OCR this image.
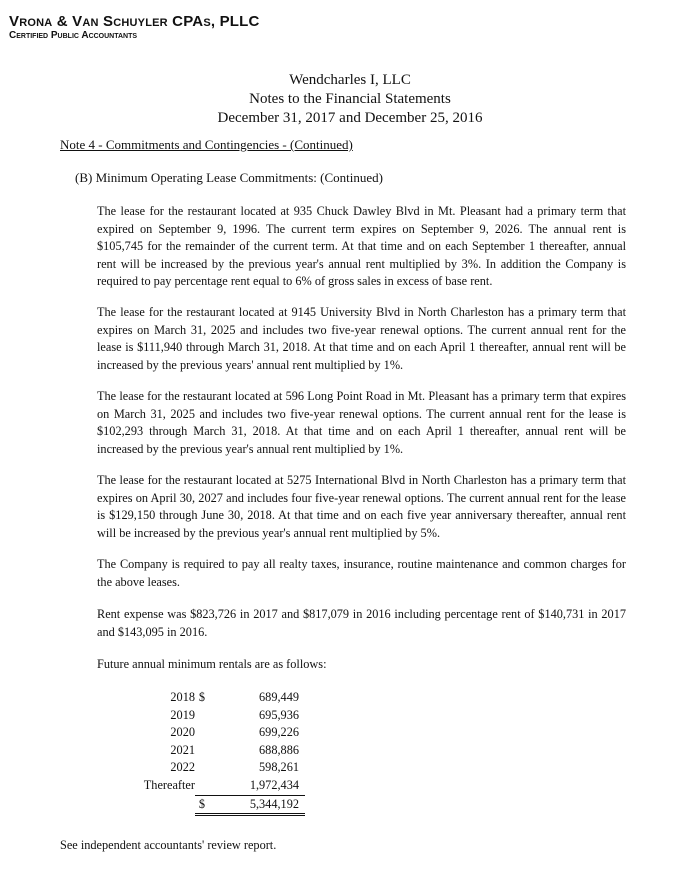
Vrona & Van Schuyler CPAs, PLLC
Certified Public Accountants
Wendcharles I, LLC
Notes to the Financial Statements
December 31, 2017 and December 25, 2016
Note 4 - Commitments and Contingencies - (Continued)
(B) Minimum Operating Lease Commitments: (Continued)

The lease for the restaurant located at 935 Chuck Dawley Blvd in Mt. Pleasant had a primary term that expired on September 9, 1996. The current term expires on September 9, 2026. The annual rent is $105,745 for the remainder of the current term. At that time and on each September 1 thereafter, annual rent will be increased by the previous year's annual rent multiplied by 3%. In addition the Company is required to pay percentage rent equal to 6% of gross sales in excess of base rent.

The lease for the restaurant located at 9145 University Blvd in North Charleston has a primary term that expires on March 31, 2025 and includes two five-year renewal options. The current annual rent for the lease is $111,940 through March 31, 2018. At that time and on each April 1 thereafter, annual rent will be increased by the previous years' annual rent multiplied by 1%.

The lease for the restaurant located at 596 Long Point Road in Mt. Pleasant has a primary term that expires on March 31, 2025 and includes two five-year renewal options. The current annual rent for the lease is $102,293 through March 31, 2018. At that time and on each April 1 thereafter, annual rent will be increased by the previous year's annual rent multiplied by 1%.

The lease for the restaurant located at 5275 International Blvd in North Charleston has a primary term that expires on April 30, 2027 and includes four five-year renewal options. The current annual rent for the lease is $129,150 through June 30, 2018. At that time and on each five year anniversary thereafter, annual rent will be increased by the previous year's annual rent multiplied by 5%.

The Company is required to pay all realty taxes, insurance, routine maintenance and common charges for the above leases.

Rent expense was $823,726 in 2017 and $817,079 in 2016 including percentage rent of $140,731 in 2017 and $143,095 in 2016.

Future annual minimum rentals are as follows:

2018	$	689,449
2019		695,936
2020		699,226
2021		688,886
2022		598,261
Thereafter		1,972,434
	$	5,344,192
See independent accountants' review report.
